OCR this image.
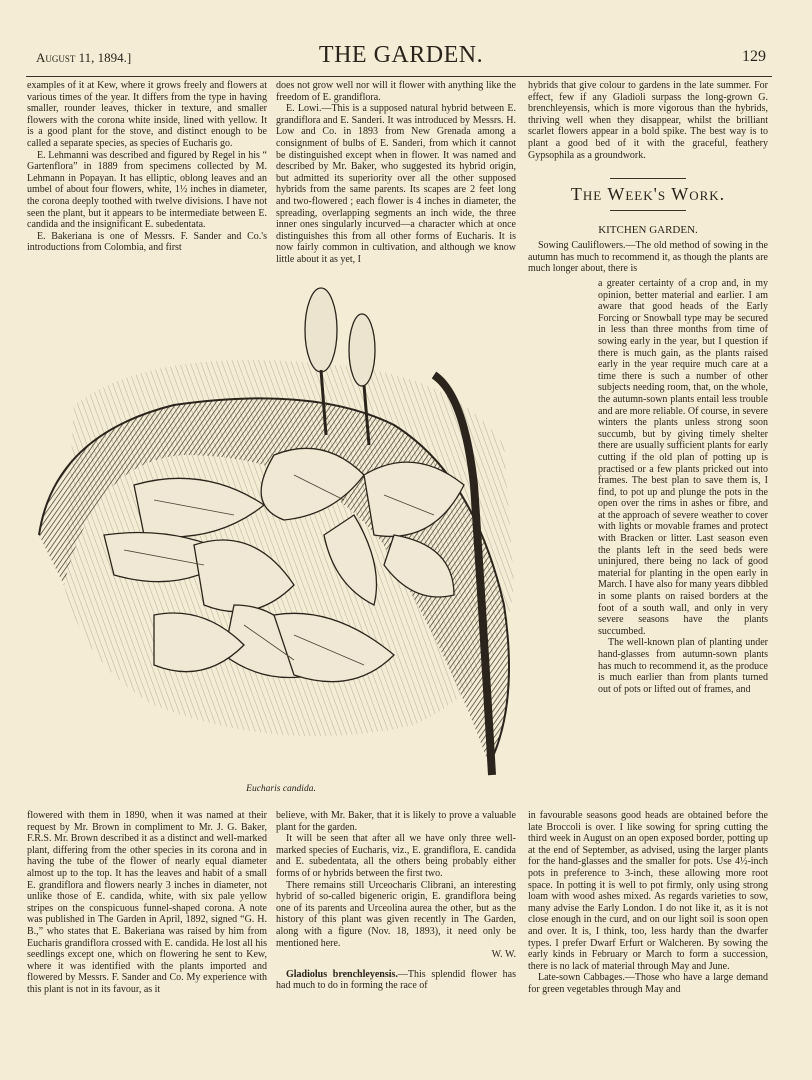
August 11, 1894.]	THE GARDEN.	129

examples of it at Kew, where it grows freely and flowers at various times of the year. It differs from the type in having smaller, rounder leaves, thicker in texture, and smaller flowers with the corona white inside, lined with yellow. It is a good plant for the stove, and distinct enough to be called a separate species, as species of Eucharis go.

E. Lehmanni was described and figured by Regel in his “ Gartenflora” in 1889 from specimens collected by M. Lehmann in Popayan. It has elliptic, oblong leaves and an umbel of about four flowers, white, 1½ inches in diameter, the corona deeply toothed with twelve divisions. I have not seen the plant, but it appears to be intermediate between E. candida and the insignificant E. subedentata.

E. Bakeriana is one of Messrs. F. Sander and Co.'s introductions from Colombia, and first

does not grow well nor will it flower with anything like the freedom of E. grandiflora.

E. Lowi.—This is a supposed natural hybrid between E. grandiflora and E. Sanderi. It was introduced by Messrs. H. Low and Co. in 1893 from New Grenada among a consignment of bulbs of E. Sanderi, from which it cannot be distinguished except when in flower. It was named and described by Mr. Baker, who suggested its hybrid origin, but admitted its superiority over all the other supposed hybrids from the same parents. Its scapes are 2 feet long and two-flowered ; each flower is 4 inches in diameter, the spreading, overlapping segments an inch wide, the three inner ones singularly incurved—a character which at once distinguishes this from all other forms of Eucharis. It is now fairly common in cultivation, and although we know little about it as yet, I

hybrids that give colour to gardens in the late summer. For effect, few if any Gladioli surpass the long-grown G. brenchleyensis, which is more vigorous than the hybrids, thriving well when they disappear, whilst the brilliant scarlet flowers appear in a bold spike. The best way is to plant a good bed of it with the graceful, feathery Gypsophila as a groundwork.

The Week's Work.
KITCHEN GARDEN.

Sowing Cauliflowers.—The old method of sowing in the autumn has much to recommend it, as though the plants are much longer about, there is

a greater certainty of a crop and, in my opinion, better material and earlier. I am aware that good heads of the Early Forcing or Snowball type may be secured in less than three months from time of sowing early in the year, but I question if there is much gain, as the plants raised early in the year require much care at a time there is such a number of other subjects needing room, that, on the whole, the autumn-sown plants entail less trouble and are more reliable. Of course, in severe winters the plants unless strong soon succumb, but by giving timely shelter there are usually sufficient plants for early cutting if the old plan of potting up is practised or a few plants pricked out into frames. The best plan to save them is, I find, to pot up and plunge the pots in the open over the rims in ashes or fibre, and at the approach of severe weather to cover with lights or movable frames and protect with Bracken or litter. Last season even the plants left in the seed beds were uninjured, there being no lack of good material for planting in the open early in March. I have also for many years dibbled in some plants on raised borders at the foot of a south wall, and only in very severe seasons have the plants succumbed.

The well-known plan of planting under hand-glasses from autumn-sown plants has much to recommend it, as the produce is much earlier than from plants turned out of pots or lifted out of frames, and

Eucharis candida.

flowered with them in 1890, when it was named at their request by Mr. Brown in compliment to Mr. J. G. Baker, F.R.S. Mr. Brown described it as a distinct and well-marked plant, differing from the other species in its corona and in having the tube of the flower of nearly equal diameter almost up to the top. It has the leaves and habit of a small E. grandiflora and flowers nearly 3 inches in diameter, not unlike those of E. candida, white, with six pale yellow stripes on the conspicuous funnel-shaped corona. A note was published in The Garden in April, 1892, signed “G. H. B.,” who states that E. Bakeriana was raised by him from Eucharis grandiflora crossed with E. candida. He lost all his seedlings except one, which on flowering he sent to Kew, where it was identified with the plants imported and flowered by Messrs. F. Sander and Co. My experience with this plant is not in its favour, as it

believe, with Mr. Baker, that it is likely to prove a valuable plant for the garden.

It will be seen that after all we have only three well-marked species of Eucharis, viz., E. grandiflora, E. candida and E. subedentata, all the others being probably either forms of or hybrids between the first two.

There remains still Urceocharis Clibrani, an interesting hybrid of so-called bigeneric origin, E. grandiflora being one of its parents and Urceolina aurea the other, but as the history of this plant was given recently in The Garden, along with a figure (Nov. 18, 1893), it need only be mentioned here.

W. W.

Gladiolus brenchleyensis.—This splendid flower has had much to do in forming the race of

in favourable seasons good heads are obtained before the late Broccoli is over. I like sowing for spring cutting the third week in August on an open exposed border, potting up at the end of September, as advised, using the larger plants for the hand-glasses and the smaller for pots. Use 4½-inch pots in preference to 3-inch, these allowing more root space. In potting it is well to pot firmly, only using strong loam with wood ashes mixed. As regards varieties to sow, many advise the Early London. I do not like it, as it is not close enough in the curd, and on our light soil is soon open and over. It is, I think, too, less hardy than the dwarfer types. I prefer Dwarf Erfurt or Walcheren. By sowing the early kinds in February or March to form a succession, there is no lack of material through May and June.

Late-sown Cabbages.—Those who have a large demand for green vegetables through May and
